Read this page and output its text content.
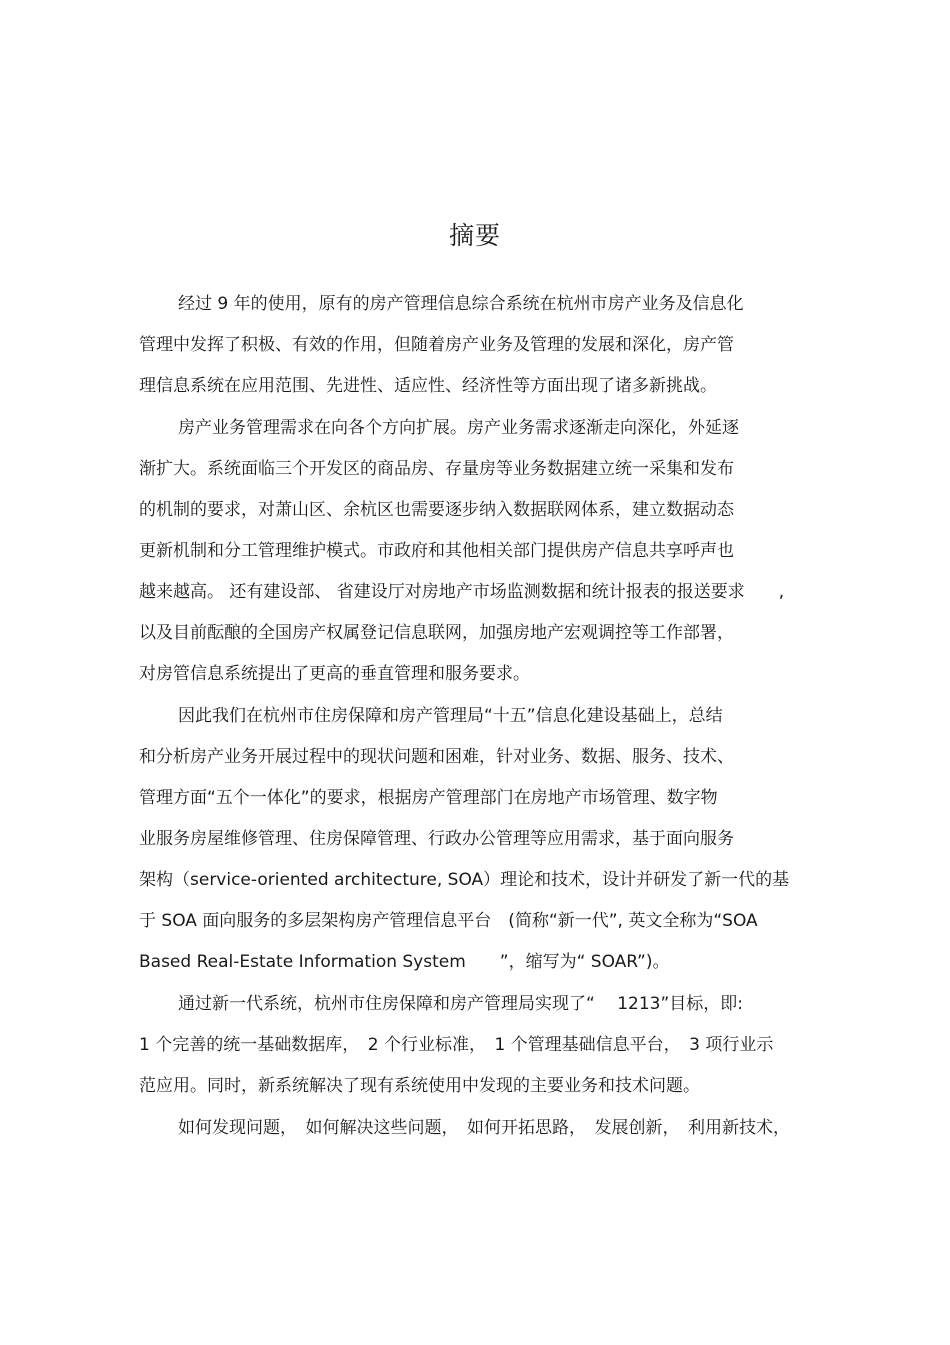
摘要
经过 9 年的使用，原有的房产管理信息综合系统在杭州市房产业务及信息化
管理中发挥了积极、有效的作用，但随着房产业务及管理的发展和深化，房产管
理信息系统在应用范围、先进性、适应性、经济性等方面出现了诸多新挑战。
房产业务管理需求在向各个方向扩展。房产业务需求逐渐走向深化，外延逐
渐扩大。系统面临三个开发区的商品房、存量房等业务数据建立统一采集和发布
的机制的要求，对萧山区、余杭区也需要逐步纳入数据联网体系，建立数据动态
更新机制和分工管理维护模式。市政府和其他相关部门提供房产信息共享呼声也
越来越高。 还有建设部、 省建设厅对房地产市场监测数据和统计报表的报送要求　　,
以及目前酝酿的全国房产权属登记信息联网，加强房地产宏观调控等工作部署，
对房管信息系统提出了更高的垂直管理和服务要求。
因此我们在杭州市住房保障和房产管理局“十五”信息化建设基础上，总结
和分析房产业务开展过程中的现状问题和困难，针对业务、数据、服务、技术、
管理方面“五个一体化”的要求，根据房产管理部门在房地产市场管理、数字物
业服务房屋维修管理、住房保障管理、行政办公管理等应用需求，基于面向服务
架构（service-oriented architecture, SOA）理论和技术，设计并研发了新一代的基
于 SOA 面向服务的多层架构房产管理信息平台　(简称“新一代”, 英文全称为“SOA
Based Real-Estate Information System　　”，缩写为“ SOAR”)。
通过新一代系统，杭州市住房保障和房产管理局实现了“　 1213”目标，即:
1 个完善的统一基础数据库，　2 个行业标准，　1 个管理基础信息平台，　3 项行业示
范应用。同时，新系统解决了现有系统使用中发现的主要业务和技术问题。
如何发现问题，　如何解决这些问题，　如何开拓思路，　发展创新，　利用新技术，
